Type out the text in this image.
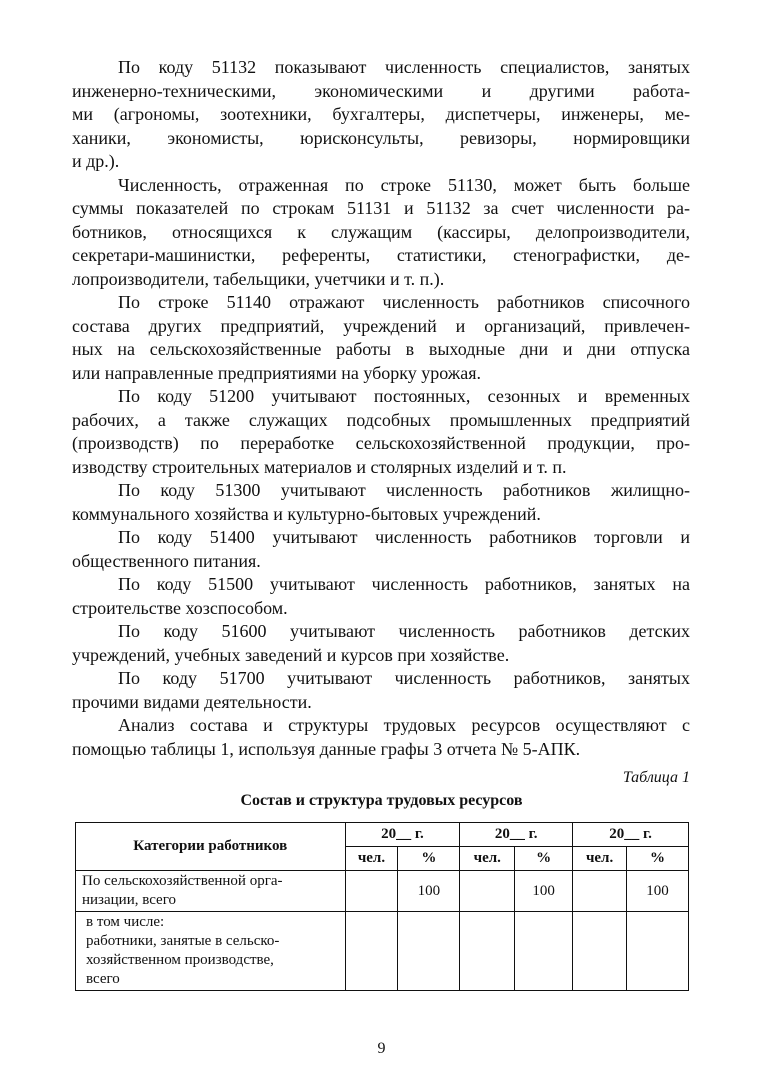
По коду 51132 показывают численность специалистов, занятых
инженерно-техническими, экономическими и другими работа-
ми (агрономы, зоотехники, бухгалтеры, диспетчеры, инженеры, ме-
ханики, экономисты, юрисконсульты, ревизоры, нормировщики
и др.).
Численность, отраженная по строке 51130, может быть больше
суммы показателей по строкам 51131 и 51132 за счет численности ра-
ботников, относящихся к служащим (кассиры, делопроизводители,
секретари-машинистки, референты, статистики, стенографистки, де-
лопроизводители, табельщики, учетчики и т. п.).
По строке 51140 отражают численность работников списочного
состава других предприятий, учреждений и организаций, привлечен-
ных на сельскохозяйственные работы в выходные дни и дни отпуска
или направленные предприятиями на уборку урожая.
По коду 51200 учитывают постоянных, сезонных и временных
рабочих, а также служащих подсобных промышленных предприятий
(производств) по переработке сельскохозяйственной продукции, про-
изводству строительных материалов и столярных изделий и т. п.
По коду 51300 учитывают численность работников жилищно-
коммунального хозяйства и культурно-бытовых учреждений.
По коду 51400 учитывают численность работников торговли и
общественного питания.
По коду 51500 учитывают численность работников, занятых на
строительстве хозспособом.
По коду 51600 учитывают численность работников детских
учреждений, учебных заведений и курсов при хозяйстве.
По коду 51700 учитывают численность работников, занятых
прочими видами деятельности.
Анализ состава и структуры трудовых ресурсов осуществляют с
помощью таблицы 1, используя данные графы 3 отчета № 5-АПК.
Таблица 1
Состав и структура трудовых ресурсов
Категории работников	20__ г.		20__ г.		20__ г.	
	чел.	%	чел.	%	чел.	%

По сельскохозяйственной орга-
низации, всего		100		100		100

в том числе:
работники, занятые в сельско-
хозяйственном производстве,
всего						

9
